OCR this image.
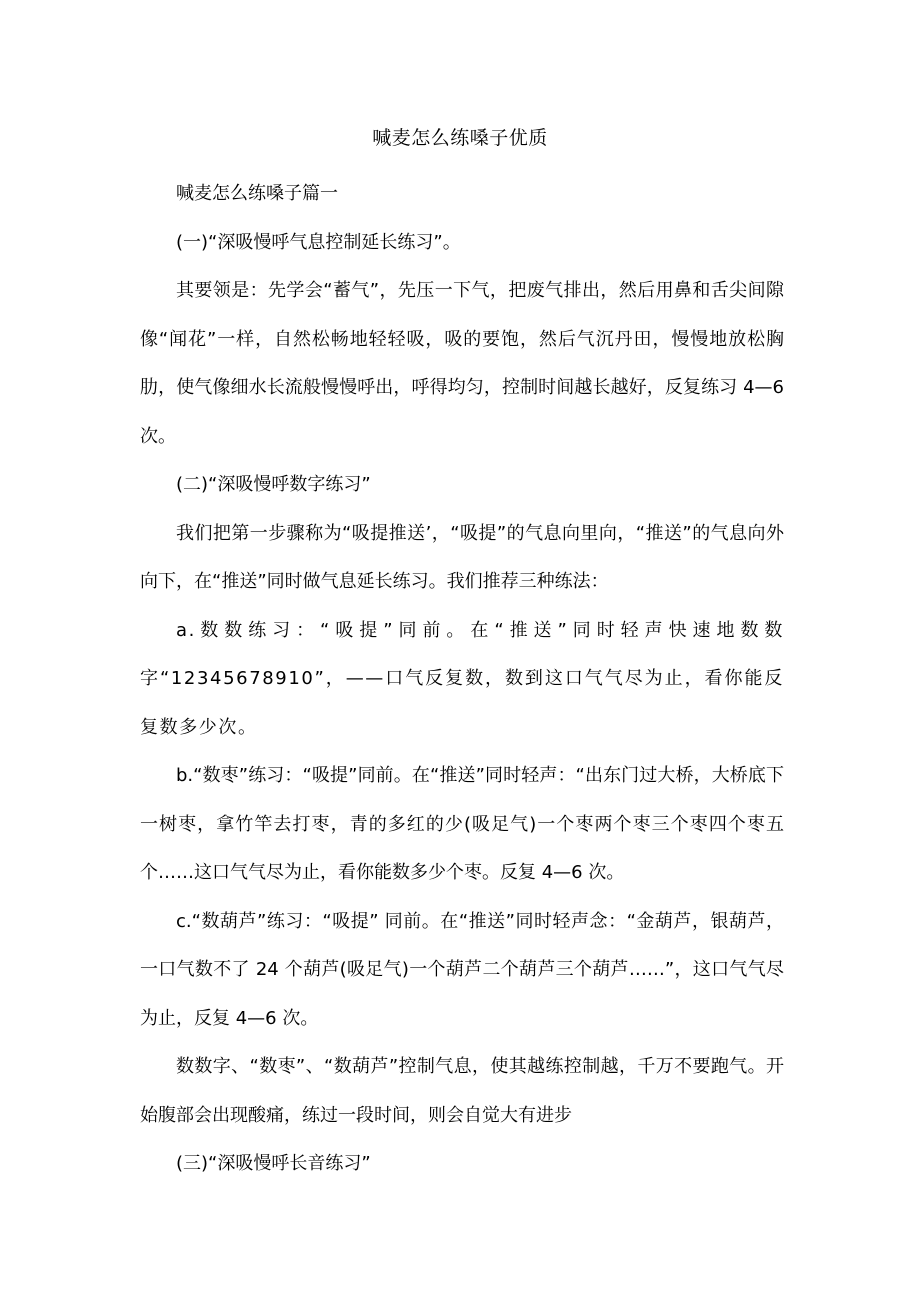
喊麦怎么练嗓子优质

喊麦怎么练嗓子篇一

(一)“深吸慢呼气息控制延长练习”。

其要领是：先学会“蓄气”，先压一下气，把废气排出，然后用鼻和舌尖间隙像“闻花”一样，自然松畅地轻轻吸，吸的要饱，然后气沉丹田，慢慢地放松胸肋，使气像细水长流般慢慢呼出，呼得均匀，控制时间越长越好，反复练习 4—6 次。

(二)“深吸慢呼数字练习”

我们把第一步骤称为“吸提推送’，“吸提”的气息向里向，“推送”的气息向外向下，在“推送”同时做气息延长练习。我们推荐三种练法：

a.数数练习：“吸提”同前。在“推送”同时轻声快速地数数字“12345678910”，——口气反复数，数到这口气气尽为止，看你能反复数多少次。

b.“数枣”练习：“吸提”同前。在“推送”同时轻声：“出东门过大桥，大桥底下一树枣，拿竹竿去打枣，青的多红的少(吸足气)一个枣两个枣三个枣四个枣五个……这口气气尽为止，看你能数多少个枣。反复 4—6 次。

c.“数葫芦”练习：“吸提” 同前。在“推送”同时轻声念：“金葫芦，银葫芦，一口气数不了 24 个葫芦(吸足气)一个葫芦二个葫芦三个葫芦……”，这口气气尽为止，反复 4—6 次。

数数字、“数枣”、“数葫芦”控制气息，使其越练控制越，千万不要跑气。开始腹部会出现酸痛，练过一段时间，则会自觉大有进步

(三)“深吸慢呼长音练习”
